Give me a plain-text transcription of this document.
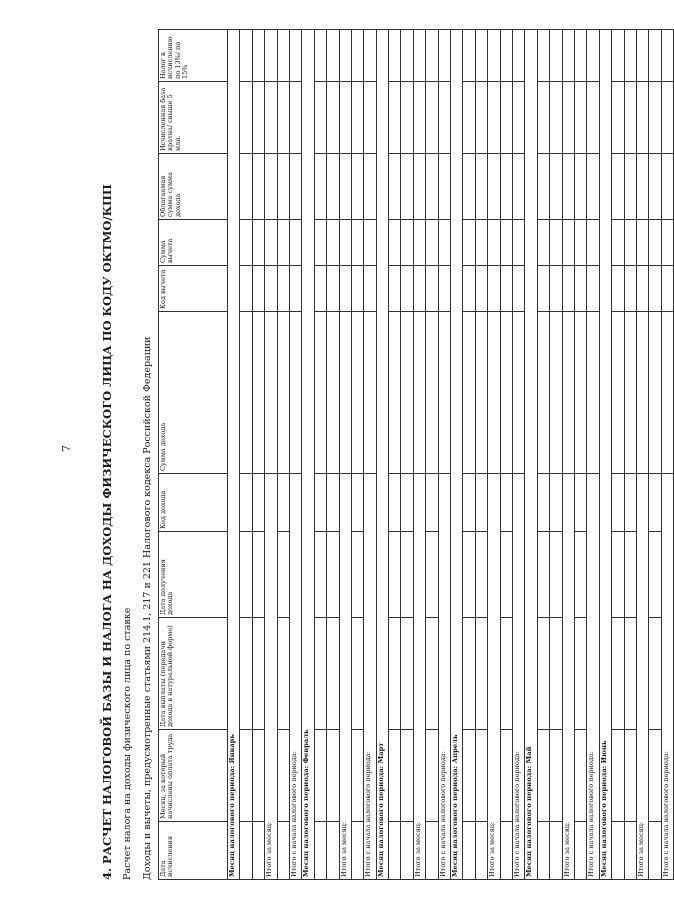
7 4. РАСЧЕТ НАЛОГОВОЙ БАЗЫ И НАЛОГА НА ДОХОДЫ ФИЗИЧЕСКОГО ЛИЦА ПО КОДУ ОКТМО/КПП Расчет налога на доходы физического лица по ставке Доходы и вычеты, предусмотренные статьями 214.1, 217 и 221 Налогового кодекса Российской Федерации Дата исчисления	Месяц, за который начислены оплата труда	Дата выплаты (передачи дохода в натуральной форме)	Дата получения дохода	Код дохода	Сумма дохода	Код вычета	Сумма вычета	Облагаемая сумма сумма дохода	Исчисленная база кратна/ свыше 5 млн.	Налог к исчислению по 13%/ по 15%
Месяц налогового периода: Январь										

Итого за месяц:										

Итого с начала налогового периода:										
Месяц налогового периода: Февраль										

Итого за месяц:										

Итого с начала налогового периода:										
Месяц налогового периода: Март										

Итого за месяц:										

Итого с начала налогового периода:										
Месяц налогового периода: Апрель										

Итого за месяц:										

Итого с начала налогового периода:										
Месяц налогового периода: Май										

Итого за месяц:										

Итого с начала налогового периода:										
Месяц налогового периода: Июнь										

Итого за месяц:										

Итого с начала налогового периода:										
